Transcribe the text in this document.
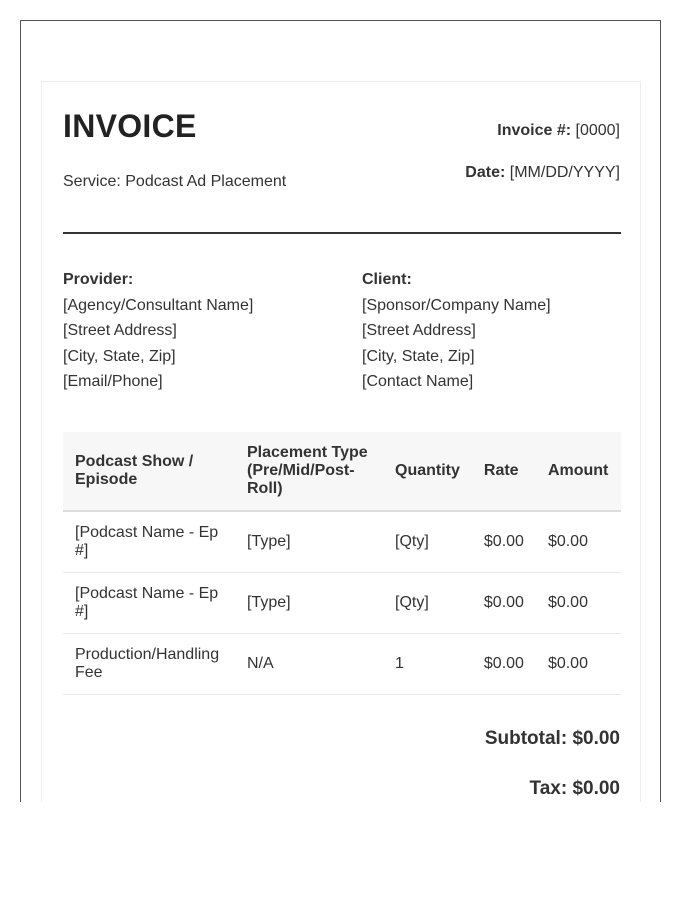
INVOICE
Service: Podcast Ad Placement
Invoice #: [0000]
Date: [MM/DD/YYYY]
Provider:
[Agency/Consultant Name]
[Street Address]
[City, State, Zip]
[Email/Phone]
Client:
[Sponsor/Company Name]
[Street Address]
[City, State, Zip]
[Contact Name]
Podcast Show / Episode	Placement Type (Pre/Mid/Post-Roll)	Quantity	Rate	Amount
[Podcast Name - Ep #]	[Type]	[Qty]	$0.00	$0.00
[Podcast Name - Ep #]	[Type]	[Qty]	$0.00	$0.00
Production/Handling Fee	N/A	1	$0.00	$0.00
Subtotal: $0.00
Tax: $0.00
